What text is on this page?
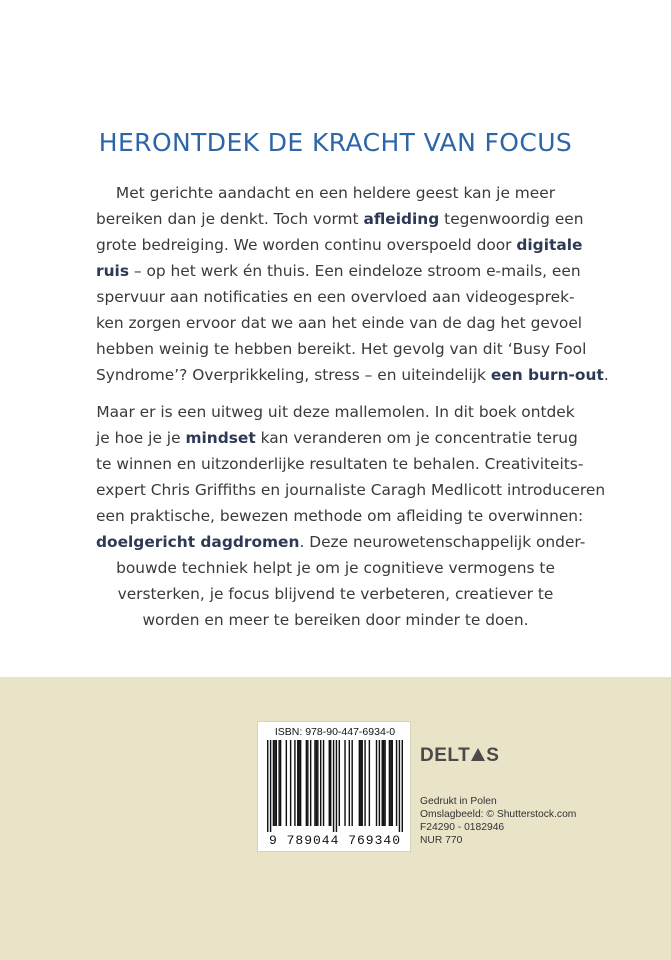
HERONTDEK DE KRACHT VAN FOCUS
Met gerichte aandacht en een heldere geest kan je meer
bereiken dan je denkt. Toch vormt afleiding tegenwoordig een
grote bedreiging. We worden continu overspoeld door digitale
ruis – op het werk én thuis. Een eindeloze stroom e-mails, een
spervuur aan notificaties en een overvloed aan videogesprek-
ken zorgen ervoor dat we aan het einde van de dag het gevoel
hebben weinig te hebben bereikt. Het gevolg van dit ‘Busy Fool
Syndrome’? Overprikkeling, stress – en uiteindelijk een burn-out.
Maar er is een uitweg uit deze mallemolen. In dit boek ontdek
je hoe je je mindset kan veranderen om je concentratie terug
te winnen en uitzonderlijke resultaten te behalen. Creativiteits-
expert Chris Griffiths en journaliste Caragh Medlicott introduceren
een praktische, bewezen methode om afleiding te overwinnen:
doelgericht dagdromen. Deze neurowetenschappelijk onder-
bouwde techniek helpt je om je cognitieve vermogens te
versterken, je focus blijvend te verbeteren, creatiever te
worden en meer te bereiken door minder te doen.
ISBN: 978-90-447-6934-0
9 789044 769340
DELT S
Gedrukt in Polen
Omslagbeeld: © Shutterstock.com
F24290 - 0182946
NUR 770
